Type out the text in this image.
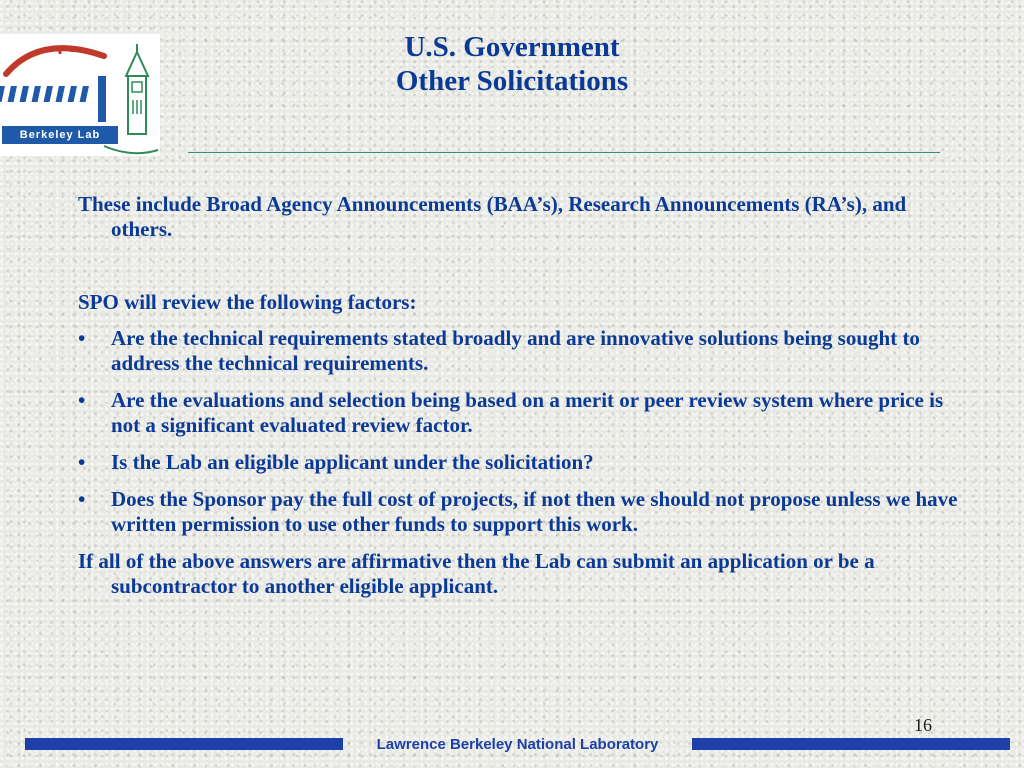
Berkeley Lab
U.S. Government
Other Solicitations

These include Broad Agency Announcements (BAA’s), Research Announcements (RA’s), and others.

SPO will review the following factors:

• Are the technical requirements stated broadly and are innovative solutions being sought to address the technical requirements.
• Are the evaluations and selection being based on a merit or peer review system where price is not a significant evaluated review factor.
• Is the Lab an eligible applicant under the solicitation?
• Does the Sponsor pay the full cost of projects, if not then we should not propose unless we have written permission to use other funds to support this work.

If all of the above answers are affirmative then the Lab can submit an application or be a subcontractor to another eligible applicant.

16
Lawrence Berkeley National Laboratory
